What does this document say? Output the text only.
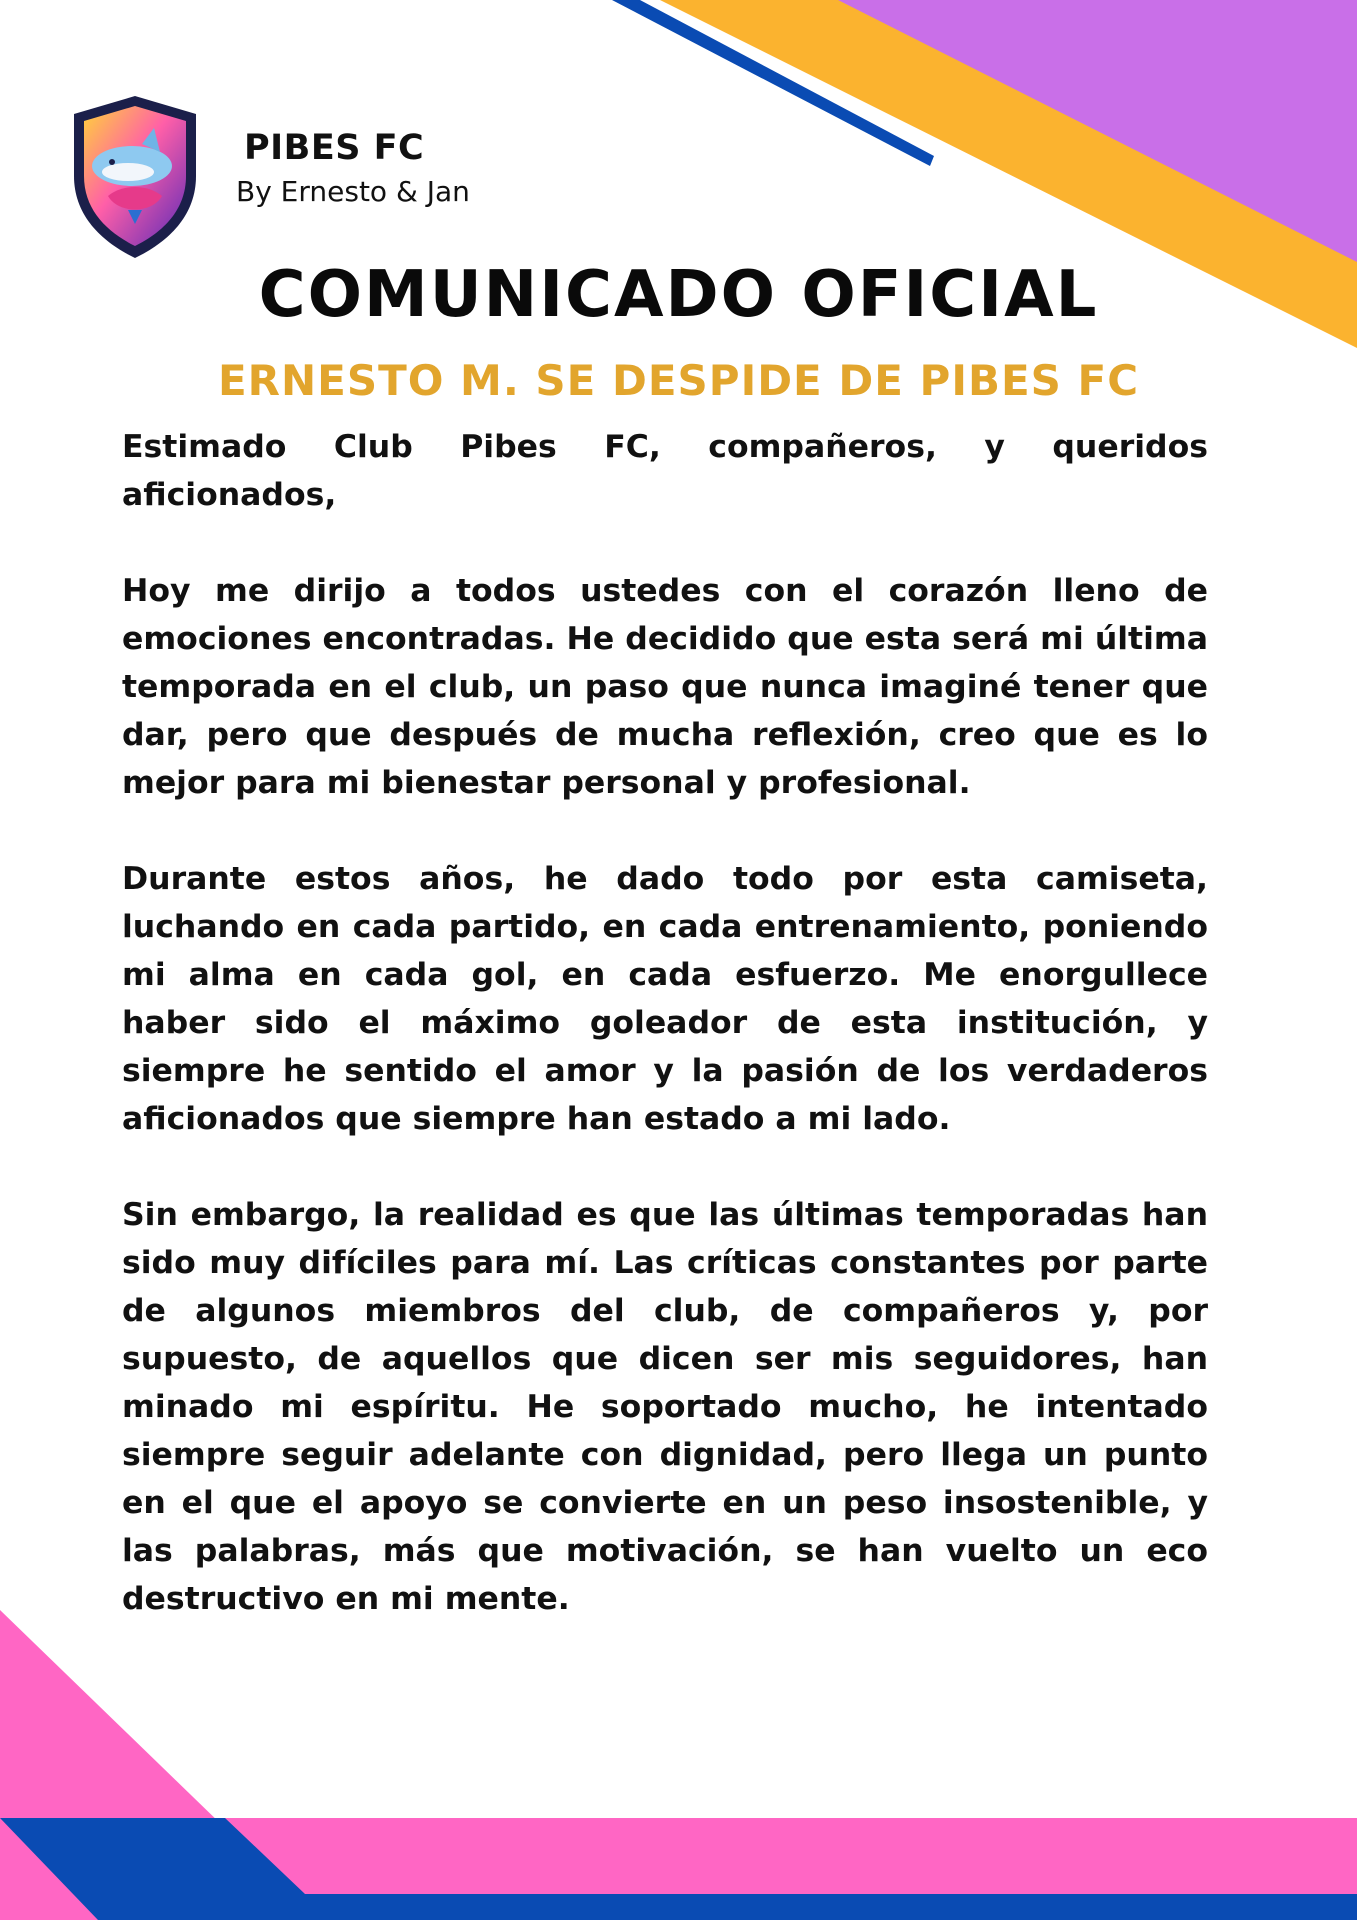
PIBES FC
By Ernesto & Jan
COMUNICADO OFICIAL
ERNESTO M. SE DESPIDE DE PIBES FC

Estimado Club Pibes FC, compañeros, y queridos aficionados,

Hoy me dirijo a todos ustedes con el corazón lleno de emociones encontradas. He decidido que esta será mi última temporada en el club, un paso que nunca imaginé tener que dar, pero que después de mucha reflexión, creo que es lo mejor para mi bienestar personal y profesional.

Durante estos años, he dado todo por esta camiseta, luchando en cada partido, en cada entrenamiento, poniendo mi alma en cada gol, en cada esfuerzo. Me enorgullece haber sido el máximo goleador de esta institución, y siempre he sentido el amor y la pasión de los verdaderos aficionados que siempre han estado a mi lado.

Sin embargo, la realidad es que las últimas temporadas han sido muy difíciles para mí. Las críticas constantes por parte de algunos miembros del club, de compañeros y, por supuesto, de aquellos que dicen ser mis seguidores, han minado mi espíritu. He soportado mucho, he intentado siempre seguir adelante con dignidad, pero llega un punto en el que el apoyo se convierte en un peso insostenible, y las palabras, más que motivación, se han vuelto un eco destructivo en mi mente.
